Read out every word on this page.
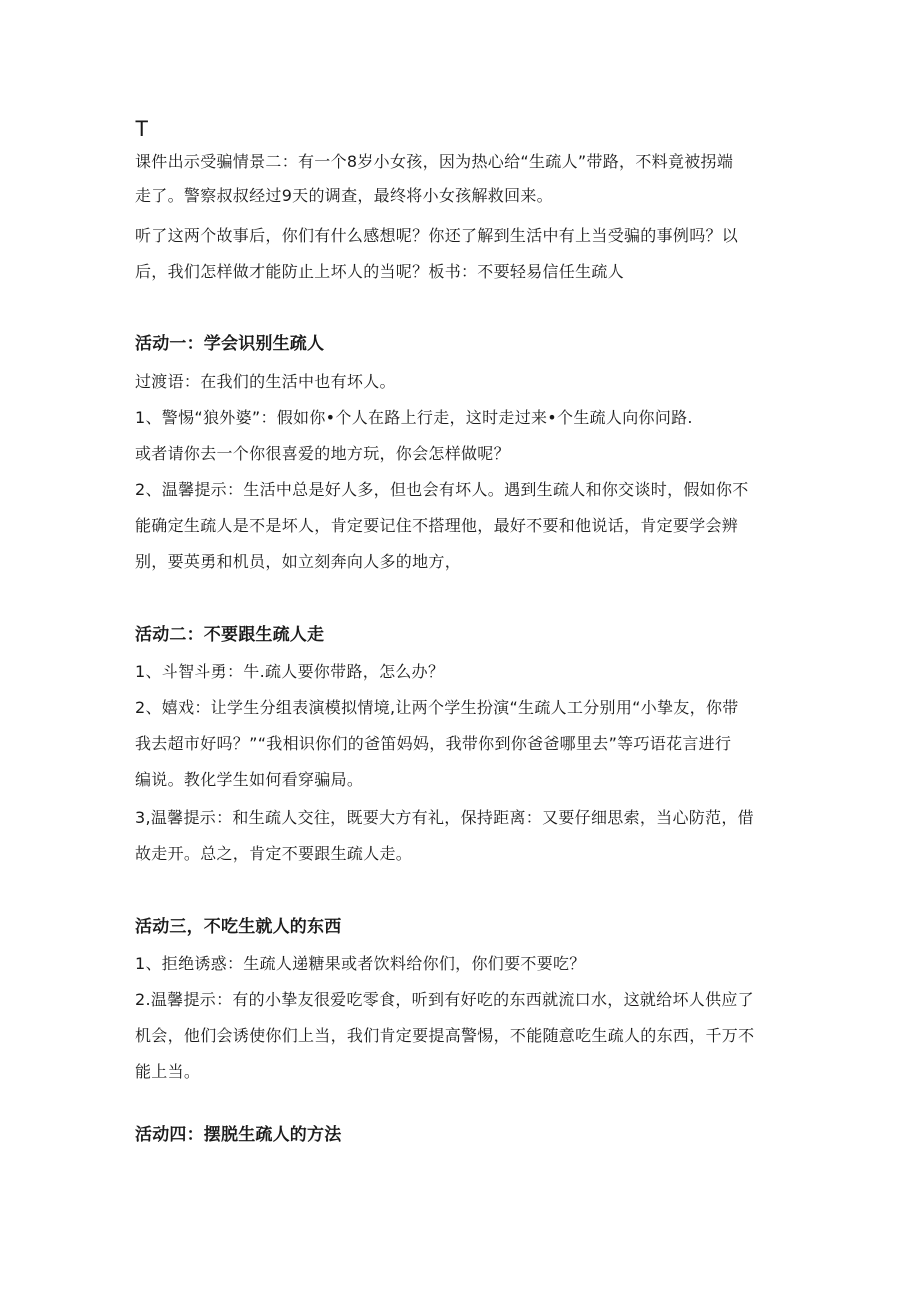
T
课件出示受骗情景二：有一个8岁小女孩，因为热心给“生疏人”带路，不料竟被拐端
走了。警察叔叔经过9天的调查，最终将小女孩解救回来。
听了这两个故事后，你们有什么感想呢？你还了解到生活中有上当受骗的事例吗？以
后，我们怎样做才能防止上坏人的当呢？板书：不要轻易信任生疏人
活动一：学会识别生疏人
过渡语：在我们的生活中也有坏人。
1、警惕“狼外婆”：假如你•个人在路上行走，这时走过来•个生疏人向你问路.
或者请你去一个你很喜爱的地方玩，你会怎样做呢？
2、温馨提示：生活中总是好人多，但也会有坏人。遇到生疏人和你交谈时，假如你不
能确定生疏人是不是坏人，肯定要记住不搭理他，最好不要和他说话，肯定要学会辨
别，要英勇和机员，如立刻奔向人多的地方，
活动二：不要跟生疏人走
1、斗智斗勇：牛.疏人要你带路，怎么办？
2、嬉戏：让学生分组表演模拟情境,让两个学生扮演“生疏人工分别用“小挚友，你带
我去超市好吗？”“我相识你们的爸笛妈妈，我带你到你爸爸哪里去”等巧语花言进行
编说。教化学生如何看穿骗局。
3,温馨提示：和生疏人交往，既要大方有礼，保持距离：又要仔细思索，当心防范，借
故走开。总之，肯定不要跟生疏人走。
活动三，不吃生就人的东西
1、拒绝诱惑：生疏人递糖果或者饮料给你们，你们要不要吃？
2.温馨提示：有的小挚友很爱吃零食，听到有好吃的东西就流口水，这就给坏人供应了
机会，他们会诱使你们上当，我们肯定要提高警惕，不能随意吃生疏人的东西，千万不
能上当。
活动四：摆脱生疏人的方法
